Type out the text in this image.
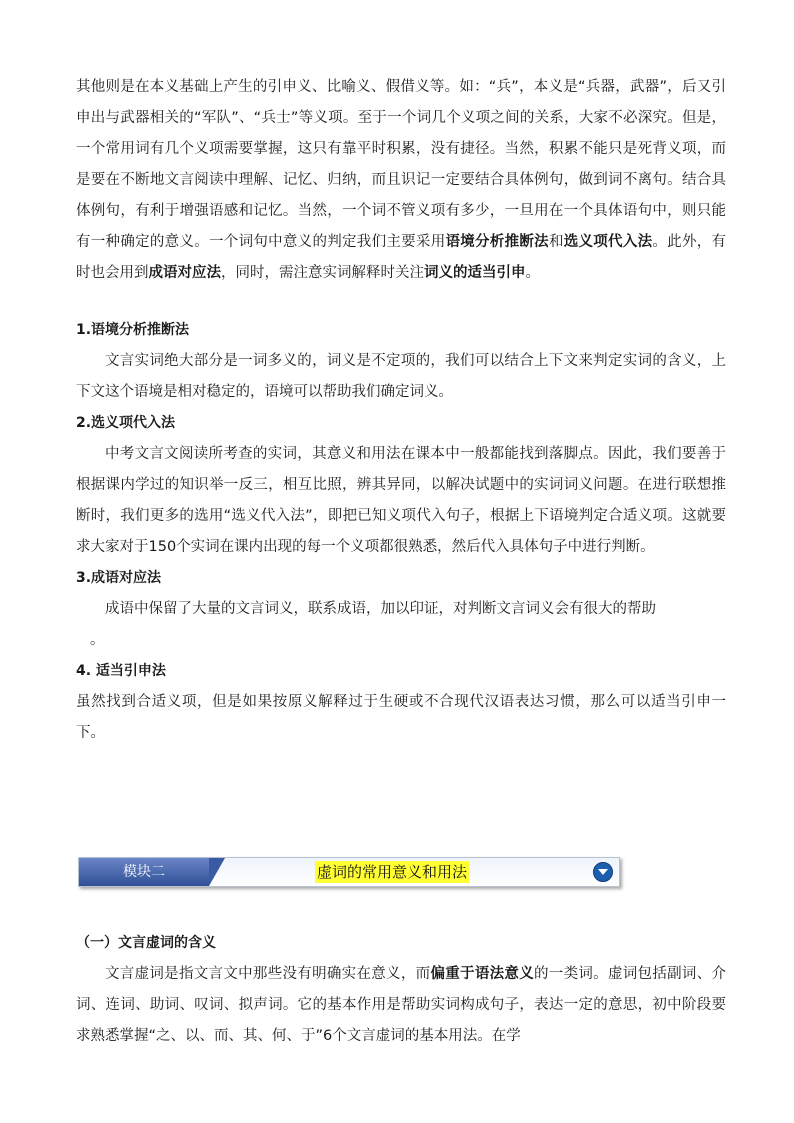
其他则是在本义基础上产生的引申义、比喻义、假借义等。如：“兵”，本义是“兵器，武器”，后又引申出与武器相关的“军队”、“兵士”等义项。至于一个词几个义项之间的关系，大家不必深究。但是，一个常用词有几个义项需要掌握，这只有靠平时积累，没有捷径。当然，积累不能只是死背义项，而是要在不断地文言阅读中理解、记忆、归纳，而且识记一定要结合具体例句，做到词不离句。结合具体例句，有利于增强语感和记忆。当然，一个词不管义项有多少，一旦用在一个具体语句中，则只能有一种确定的意义。一个词句中意义的判定我们主要采用语境分析推断法和选义项代入法。此外，有时也会用到成语对应法，同时，需注意实词解释时关注词义的适当引申。

1.语境分析推断法

文言实词绝大部分是一词多义的，词义是不定项的，我们可以结合上下文来判定实词的含义，上下文这个语境是相对稳定的，语境可以帮助我们确定词义。

2.选义项代入法

中考文言文阅读所考查的实词，其意义和用法在课本中一般都能找到落脚点。因此，我们要善于根据课内学过的知识举一反三，相互比照，辨其异同，以解决试题中的实词词义问题。在进行联想推断时，我们更多的选用“选义代入法”，即把已知义项代入句子，根据上下语境判定合适义项。这就要求大家对于150个实词在课内出现的每一个义项都很熟悉，然后代入具体句子中进行判断。

3.成语对应法

成语中保留了大量的文言词义，联系成语，加以印证，对判断文言词义会有很大的帮助
。

4. 适当引申法

虽然找到合适义项，但是如果按原义解释过于生硬或不合现代汉语表达习惯，那么可以适当引申一下。

模块二	虚词的常用意义和用法

（一）文言虚词的含义

文言虚词是指文言文中那些没有明确实在意义，而偏重于语法意义的一类词。虚词包括副词、介词、连词、助词、叹词、拟声词。它的基本作用是帮助实词构成句子，表达一定的意思，初中阶段要求熟悉掌握“之、以、而、其、何、于”6个文言虚词的基本用法。在学
